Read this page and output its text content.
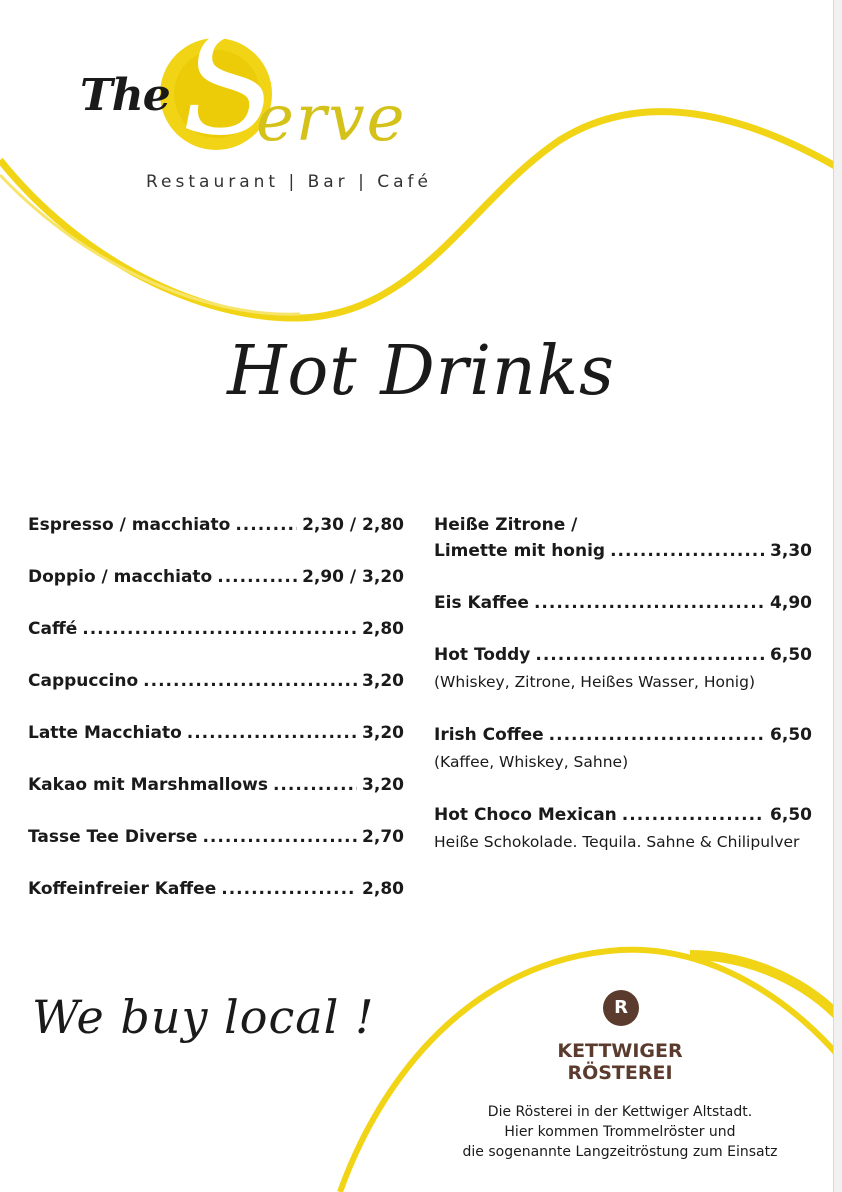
The S
erve
Restaurant | Bar | Café
Hot Drinks
Espresso / macchiato .....	2,30 / 2,80
Doppio / macchiato .....	2,90 / 3,20
Caffé .....	2,80
Cappuccino .....	3,20
Latte Macchiato .....	3,20
Kakao mit Marshmallows .....	3,20
Tasse Tee Diverse .....	2,70
Koffeinfreier Kaffee .....	2,80
Heiße Zitrone /
Limette mit honig .....	3,30
Eis Kaffee .....	4,90
Hot Toddy .....	6,50
(Whiskey, Zitrone, Heißes Wasser, Honig)
Irish Coffee .....	6,50
(Kaffee, Whiskey, Sahne)
Hot Choco Mexican .....	6,50
Heiße Schokolade. Tequila. Sahne & Chilipulver
We buy local !	R
KETTWIGER
RÖSTEREI
Die Rösterei in der Kettwiger Altstadt.
Hier kommen Trommelröster und
die sogenannte Langzeitröstung zum Einsatz
